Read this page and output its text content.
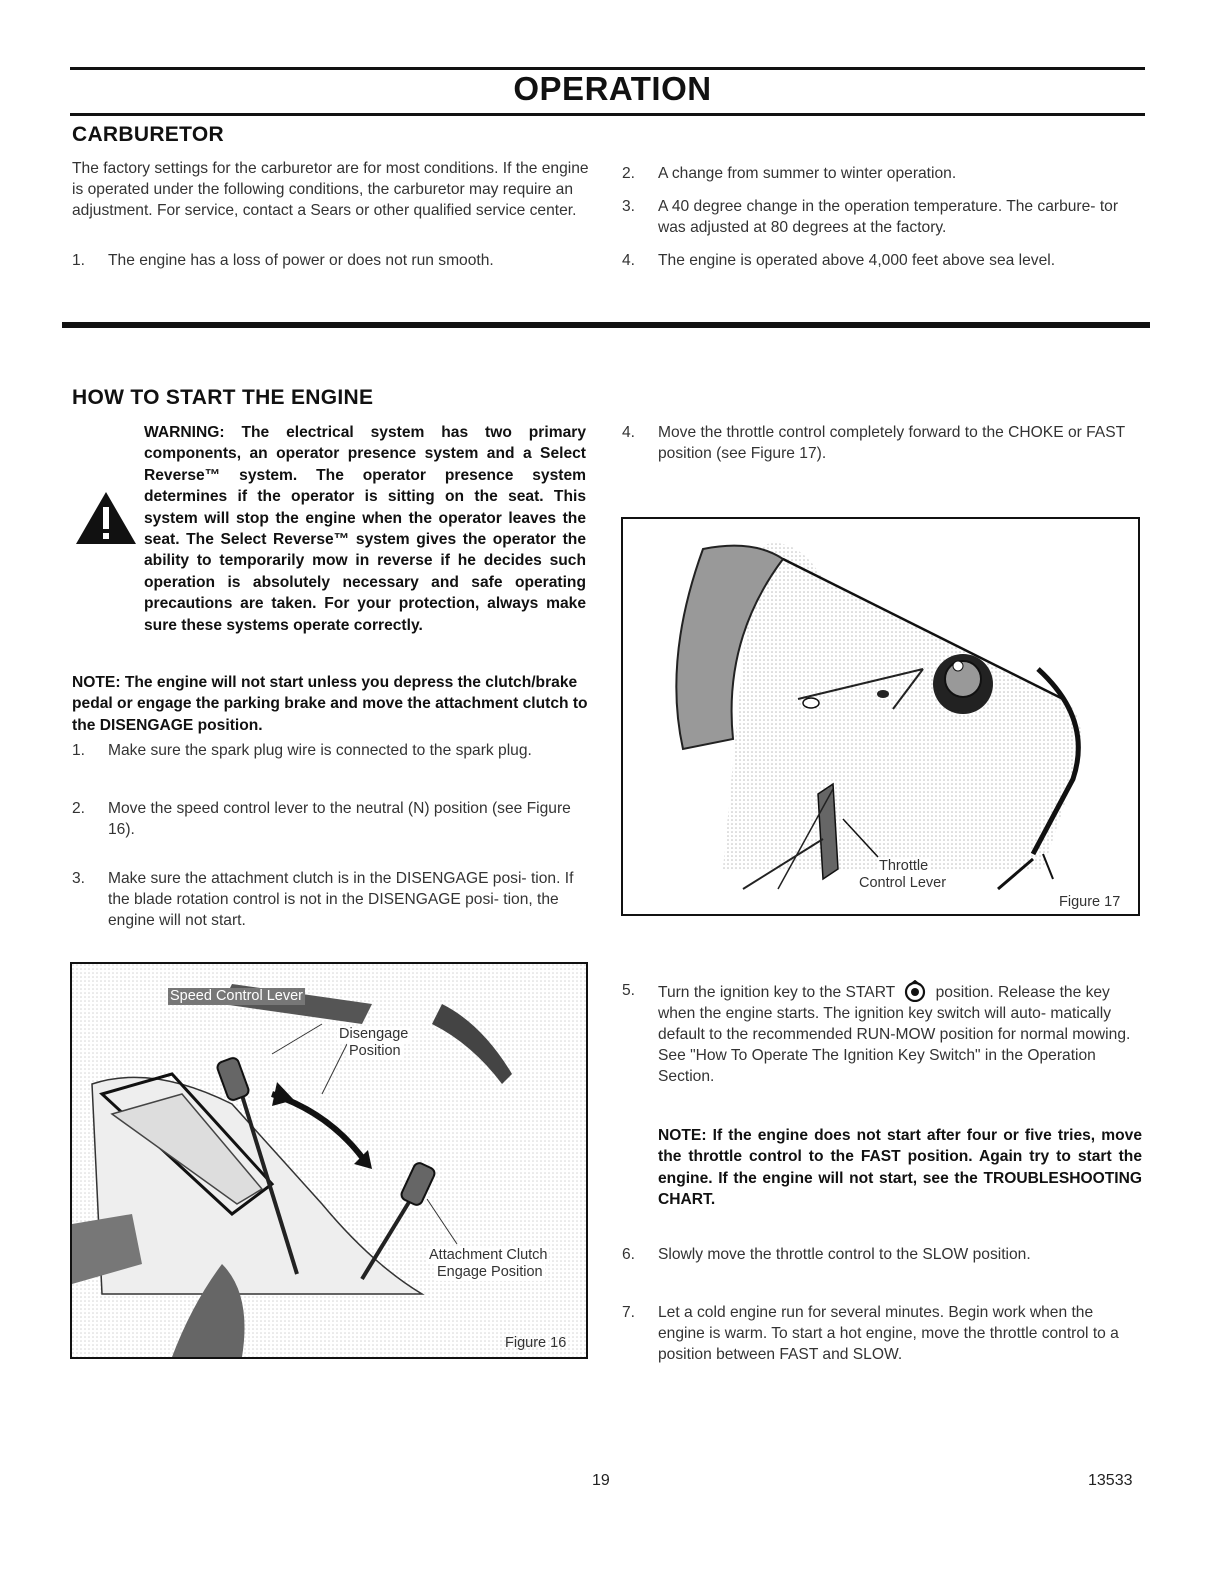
OPERATION
CARBURETOR
The factory settings for the carburetor are for most conditions. If the engine is operated under the following conditions, the carburetor may require an adjustment. For service, contact a Sears or other qualified service center.
1. The engine has a loss of power or does not run smooth.
2. A change from summer to winter operation.
3. A 40 degree change in the operation temperature. The carbure- tor was adjusted at 80 degrees at the factory.
4. The engine is operated above 4,000 feet above sea level.
HOW TO START THE ENGINE
WARNING: The electrical system has two primary components, an operator presence system and a Select Reverse™ system. The operator presence system determines if the operator is sitting on the seat. This system will stop the engine when the operator leaves the seat. The Select Reverse™ system gives the operator the ability to temporarily mow in reverse if he decides such operation is absolutely necessary and safe operating precautions are taken. For your protection, always make sure these systems operate correctly.
NOTE: The engine will not start unless you depress the clutch/brake pedal or engage the parking brake and move the attachment clutch to the DISENGAGE position.
1. Make sure the spark plug wire is connected to the spark plug.
2. Move the speed control lever to the neutral (N) position (see Figure 16).
3. Make sure the attachment clutch is in the DISENGAGE posi- tion. If the blade rotation control is not in the DISENGAGE posi- tion, the engine will not start.
Speed Control Lever
Disengage
Position
Attachment Clutch
Engage Position
Figure 16
4. Move the throttle control completely forward to the CHOKE or FAST position (see Figure 17).
Throttle
Control Lever
Figure 17
5. Turn the ignition key to the START	position. Release the key when the engine starts. The ignition key switch will auto- matically default to the recommended RUN-MOW position for normal mowing. See "How To Operate The Ignition Key Switch" in the Operation Section.
NOTE: If the engine does not start after four or five tries, move the throttle control to the FAST position. Again try to start the engine. If the engine will not start, see the TROUBLESHOOTING CHART.
6. Slowly move the throttle control to the SLOW position.
7. Let a cold engine run for several minutes. Begin work when the engine is warm. To start a hot engine, move the throttle control to a position between FAST and SLOW.
19	13533
